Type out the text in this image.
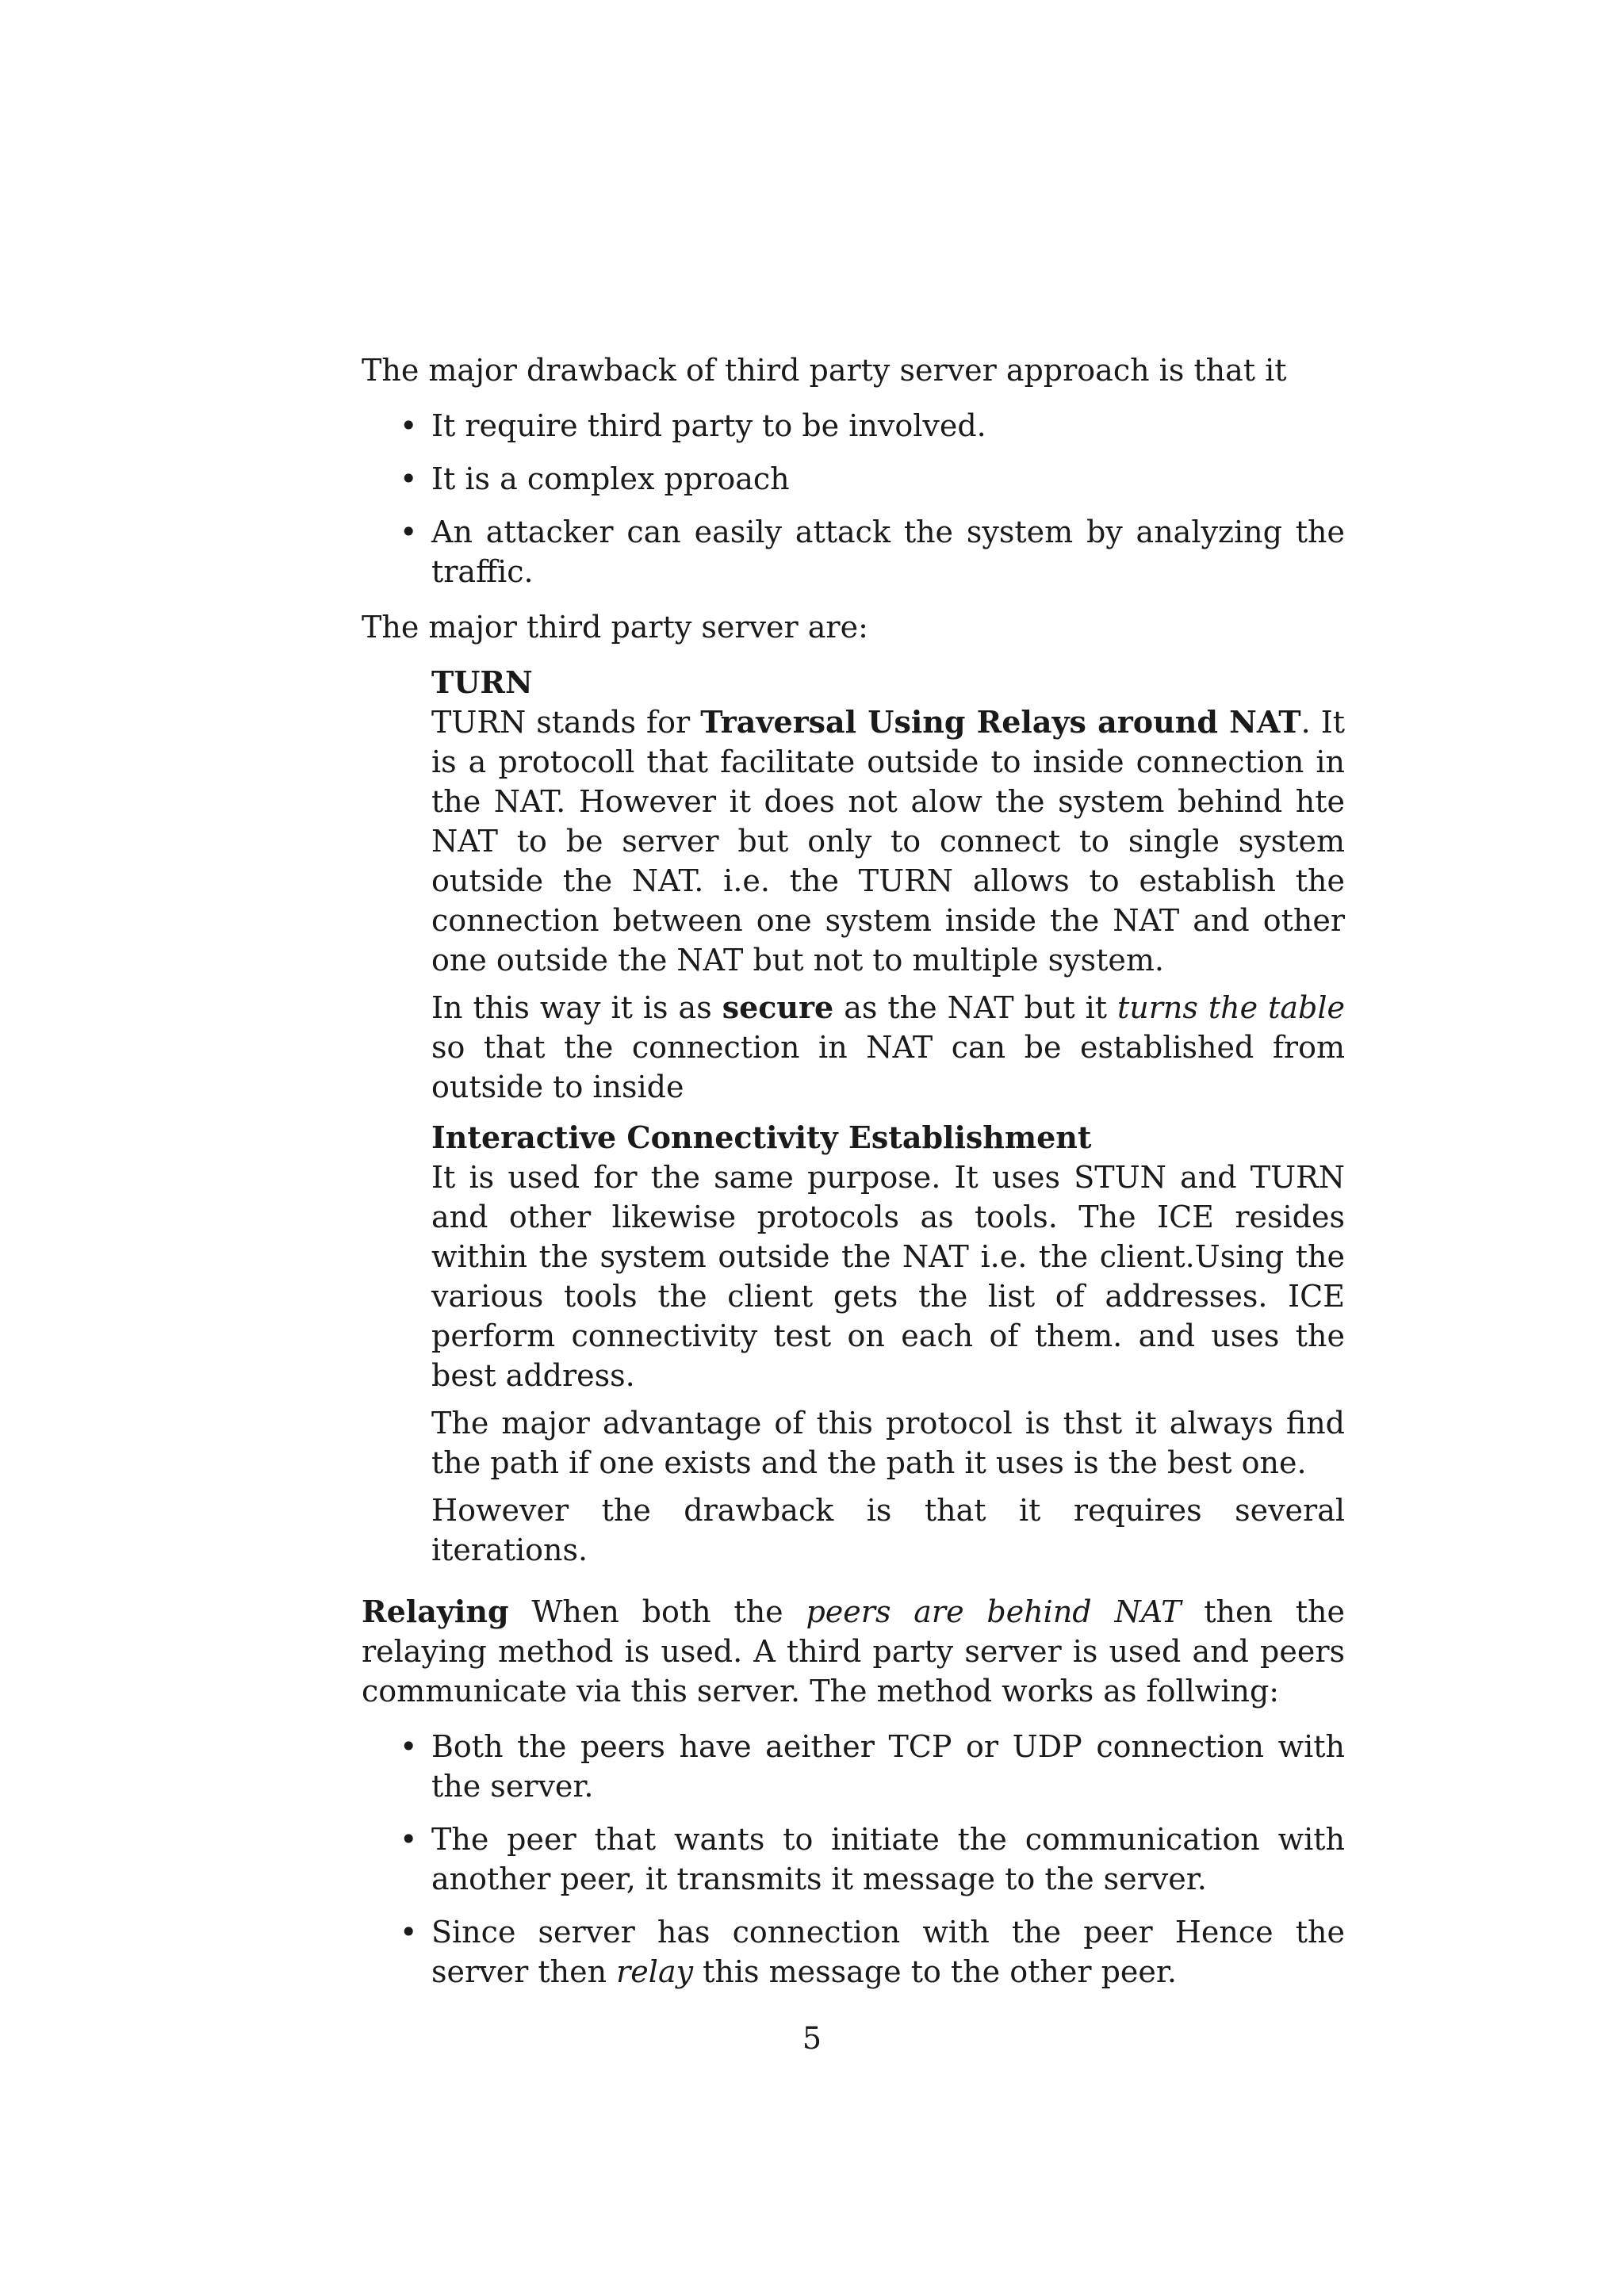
The major drawback of third party server approach is that it

• It require third party to be involved.
• It is a complex pproach
• An attacker can easily attack the system by analyzing the traffic.

The major third party server are:

TURN

TURN stands for Traversal Using Relays around NAT. It is a protocoll that facilitate outside to inside connection in the NAT. However it does not alow the system behind hte NAT to be server but only to connect to single system outside the NAT. i.e. the TURN allows to establish the connection between one system inside the NAT and other one outside the NAT but not to multiple system.

In this way it is as secure as the NAT but it turns the table so that the connection in NAT can be established from outside to inside

Interactive Connectivity Establishment

It is used for the same purpose. It uses STUN and TURN and other likewise protocols as tools. The ICE resides within the system outside the NAT i.e. the client.Using the various tools the client gets the list of addresses. ICE perform connectivity test on each of them. and uses the best address.

The major advantage of this protocol is thst it always find the path if one exists and the path it uses is the best one.

However the drawback is that it requires several iterations.

Relaying When both the peers are behind NAT then the relaying method is used. A third party server is used and peers communicate via this server. The method works as follwing:

• Both the peers have aeither TCP or UDP connection with the server.
• The peer that wants to initiate the communication with another peer, it transmits it message to the server.
• Since server has connection with the peer Hence the server then relay this message to the other peer.
5
